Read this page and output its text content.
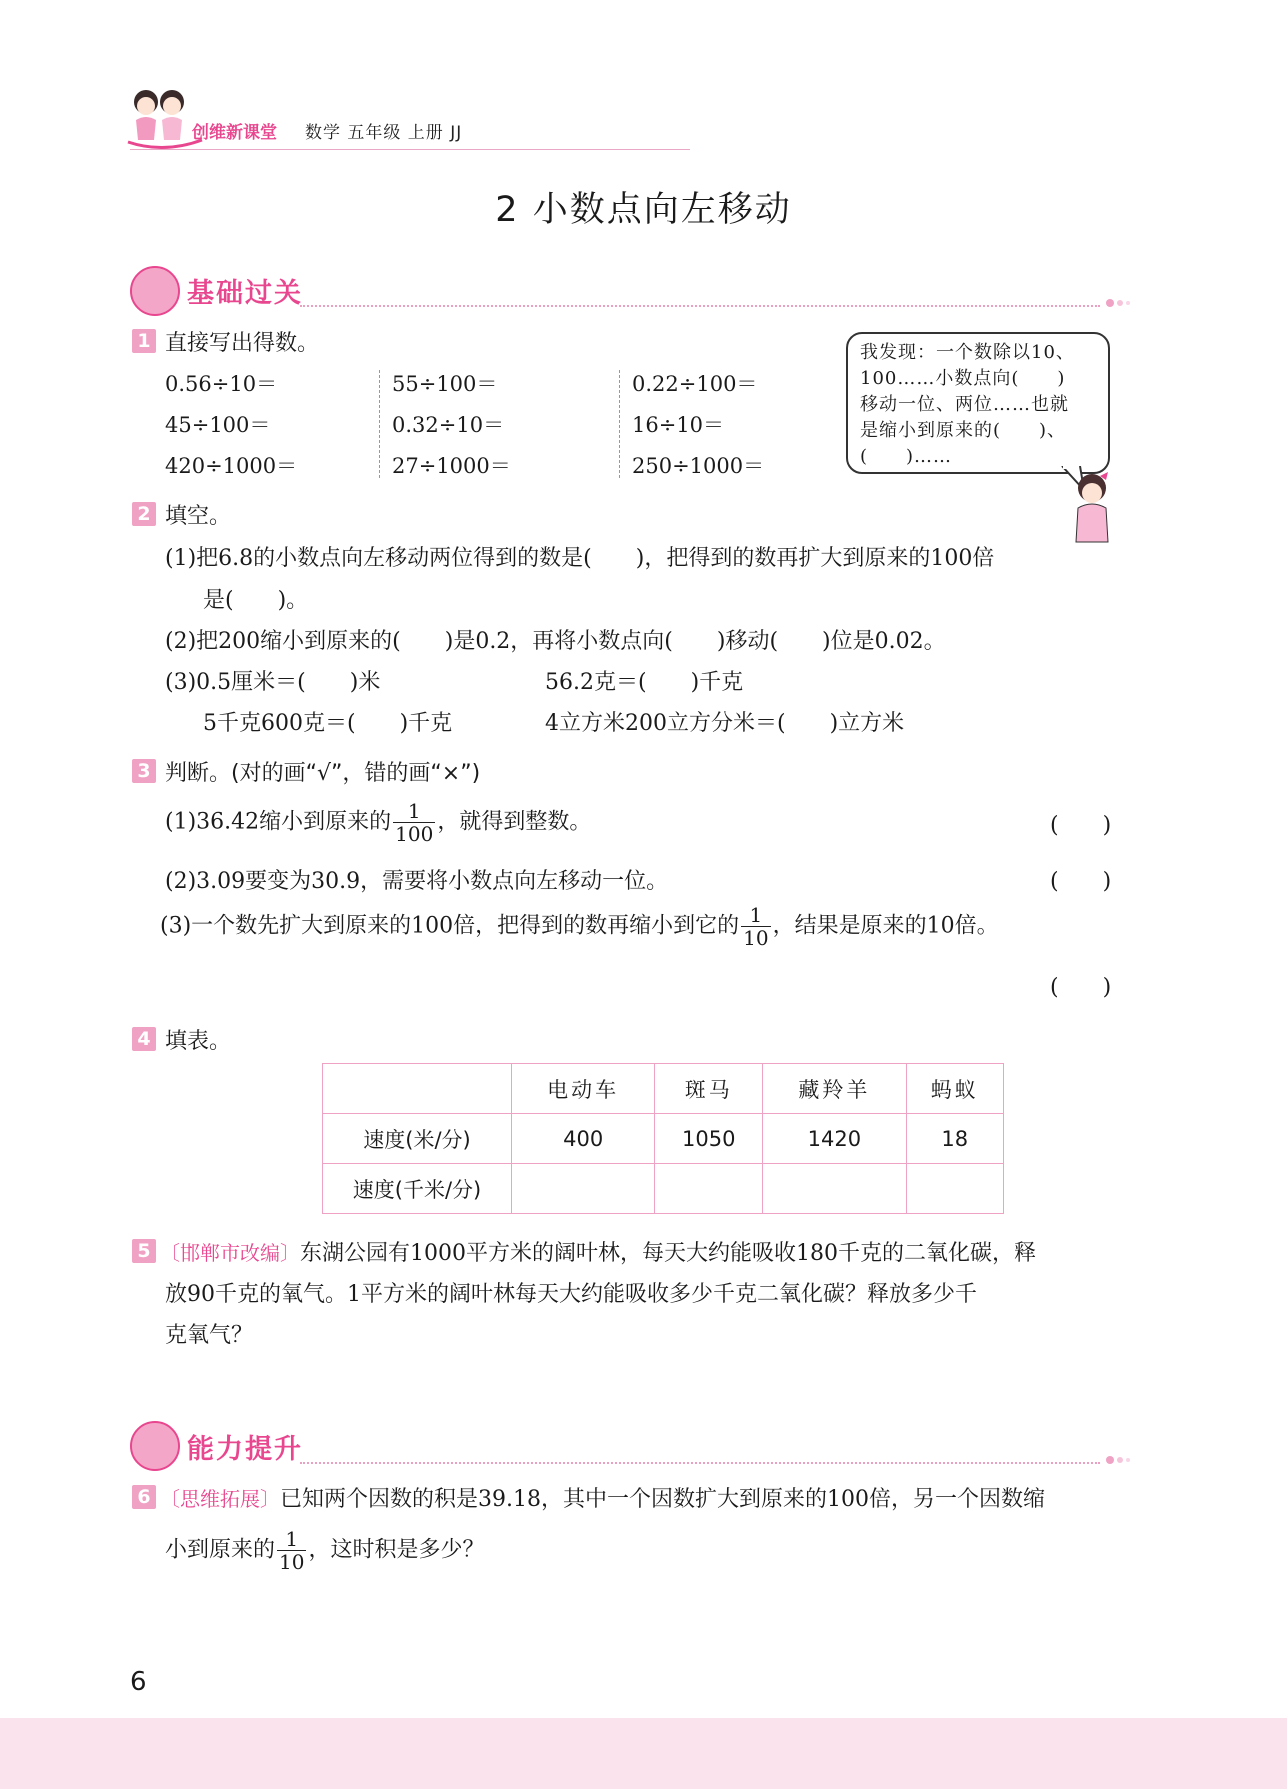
创维新课堂 数学 五年级 上册 JJ
2 小数点向左移动
基础过关
1 直接写出得数。
0.56÷10＝	55÷100＝	0.22÷100＝
45÷100＝	0.32÷10＝	16÷10＝
420÷1000＝	27÷1000＝	250÷1000＝
我发现：一个数除以10、
100……小数点向(　　)
移动一位、两位……也就
是缩小到原来的(　　)、
(　　)……
2 填空。
(1)把6.8的小数点向左移动两位得到的数是(　　)，把得到的数再扩大到原来的100倍
是(　　)。
(2)把200缩小到原来的(　　)是0.2，再将小数点向(　　)移动(　　)位是0.02。
(3)0.5厘米＝(　　)米	56.2克＝(　　)千克
5千克600克＝(　　)千克	4立方米200立方分米＝(　　)立方米
3 判断。(对的画“√”，错的画“×”)
(1)36.42缩小到原来的 $\frac{1}{100}$ ，就得到整数。	(　　)
(2)3.09要变为30.9，需要将小数点向左移动一位。	(　　)
(3)一个数先扩大到原来的100倍，把得到的数再缩小到它的 $\frac{1}{10}$ ，结果是原来的10倍。
(　　)
4 填表。
	电动车	斑马	藏羚羊	蚂蚁
速度(米/分)	400	1050	1420	18
速度(千米/分)				
5 〔邯郸市改编〕东湖公园有1000平方米的阔叶林，每天大约能吸收180千克的二氧化碳，释
放90千克的氧气。1平方米的阔叶林每天大约能吸收多少千克二氧化碳？释放多少千
克氧气？
能力提升
6 〔思维拓展〕已知两个因数的积是39.18，其中一个因数扩大到原来的100倍，另一个因数缩
小到原来的 $\frac{1}{10}$ ，这时积是多少？
6
